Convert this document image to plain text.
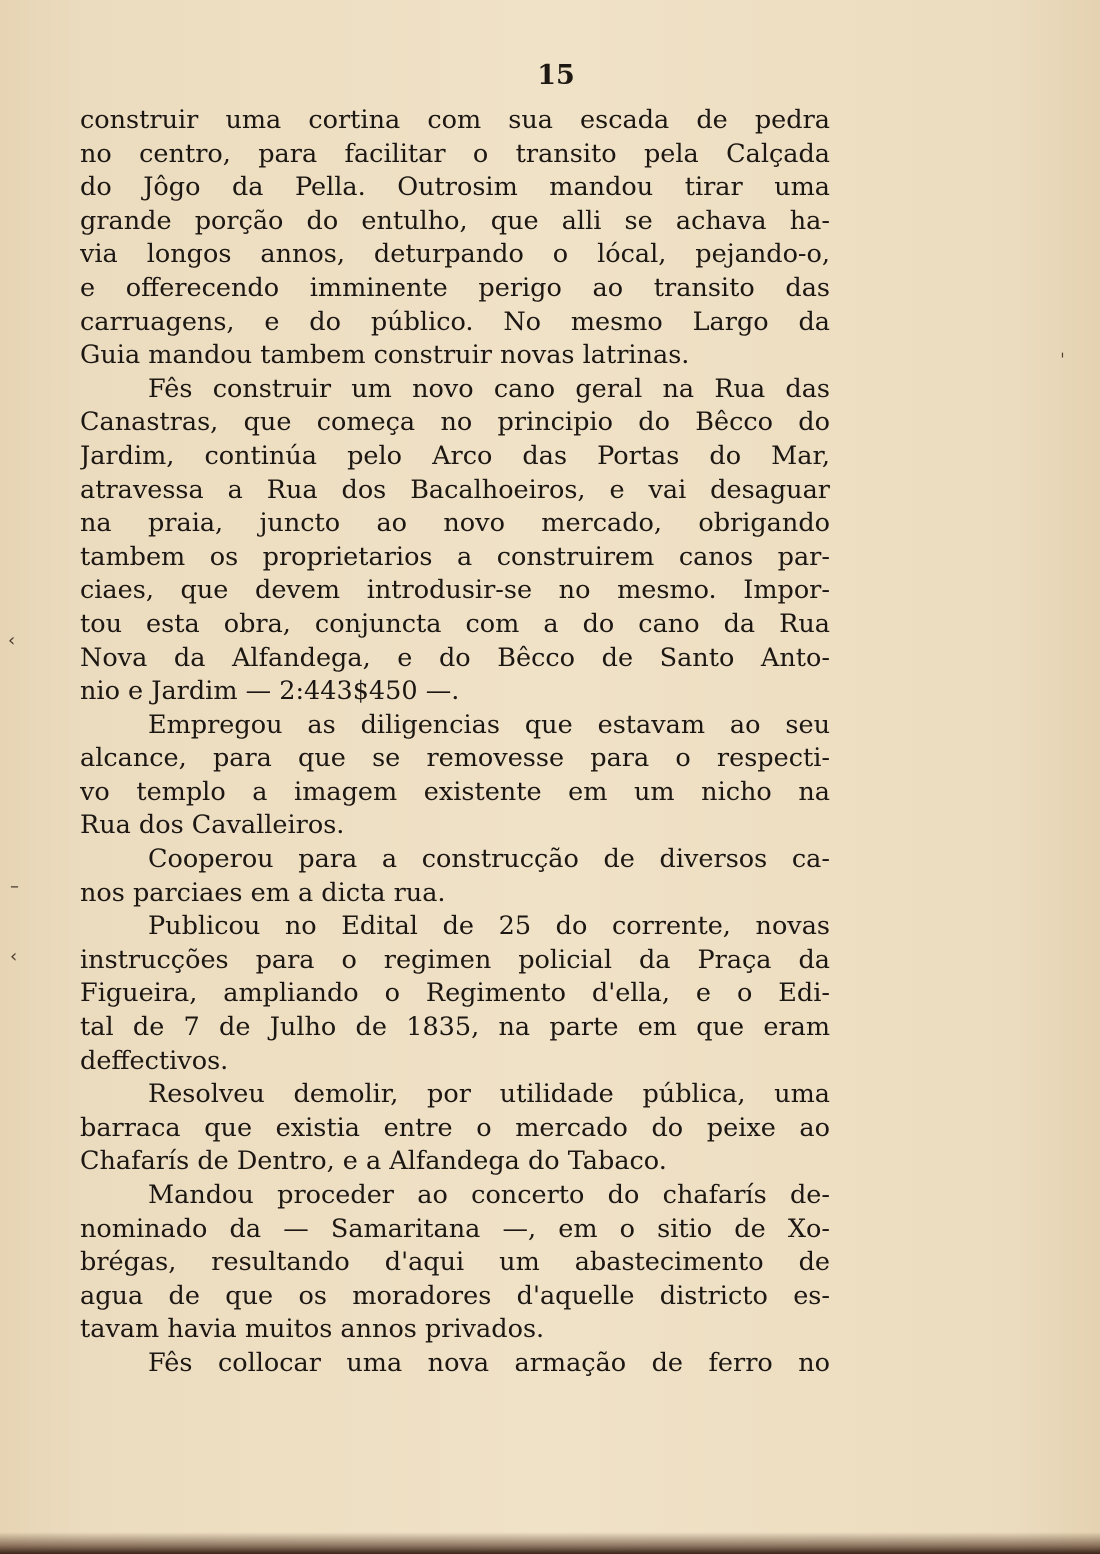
15
construir uma cortina com sua escada de pedra
no centro, para facilitar o transito pela Calçada
do Jôgo da Pella. Outrosim mandou tirar uma
grande porção do entulho, que alli se achava ha-
via longos annos, deturpando o lócal, pejando-o,
e offerecendo imminente perigo ao transito das
carruagens, e do público. No mesmo Largo da
Guia mandou tambem construir novas latrinas.
Fês construir um novo cano geral na Rua das
Canastras, que começa no principio do Bêcco do
Jardim, continúa pelo Arco das Portas do Mar,
atravessa a Rua dos Bacalhoeiros, e vai desaguar
na praia, juncto ao novo mercado, obrigando
tambem os proprietarios a construirem canos par-
ciaes, que devem introdusir-se no mesmo. Impor-
tou esta obra, conjuncta com a do cano da Rua
Nova da Alfandega, e do Bêcco de Santo Anto-
nio e Jardim — 2:443$450 —.
Empregou as diligencias que estavam ao seu
alcance, para que se removesse para o respecti-
vo templo a imagem existente em um nicho na
Rua dos Cavalleiros.
Cooperou para a construcção de diversos ca-
nos parciaes em a dicta rua.
Publicou no Edital de 25 do corrente, novas
instrucções para o regimen policial da Praça da
Figueira, ampliando o Regimento d'ella, e o Edi-
tal de 7 de Julho de 1835, na parte em que eram
deffectivos.
Resolveu demolir, por utilidade pública, uma
barraca que existia entre o mercado do peixe ao
Chafarís de Dentro, e a Alfandega do Tabaco.
Mandou proceder ao concerto do chafarís de-
nominado da — Samaritana —, em o sitio de Xo-
brégas, resultando d'aqui um abastecimento de
agua de que os moradores d'aquelle districto es-
tavam havia muitos annos privados.
Fês collocar uma nova armação de ferro no
‹
–
‹
ˈ
